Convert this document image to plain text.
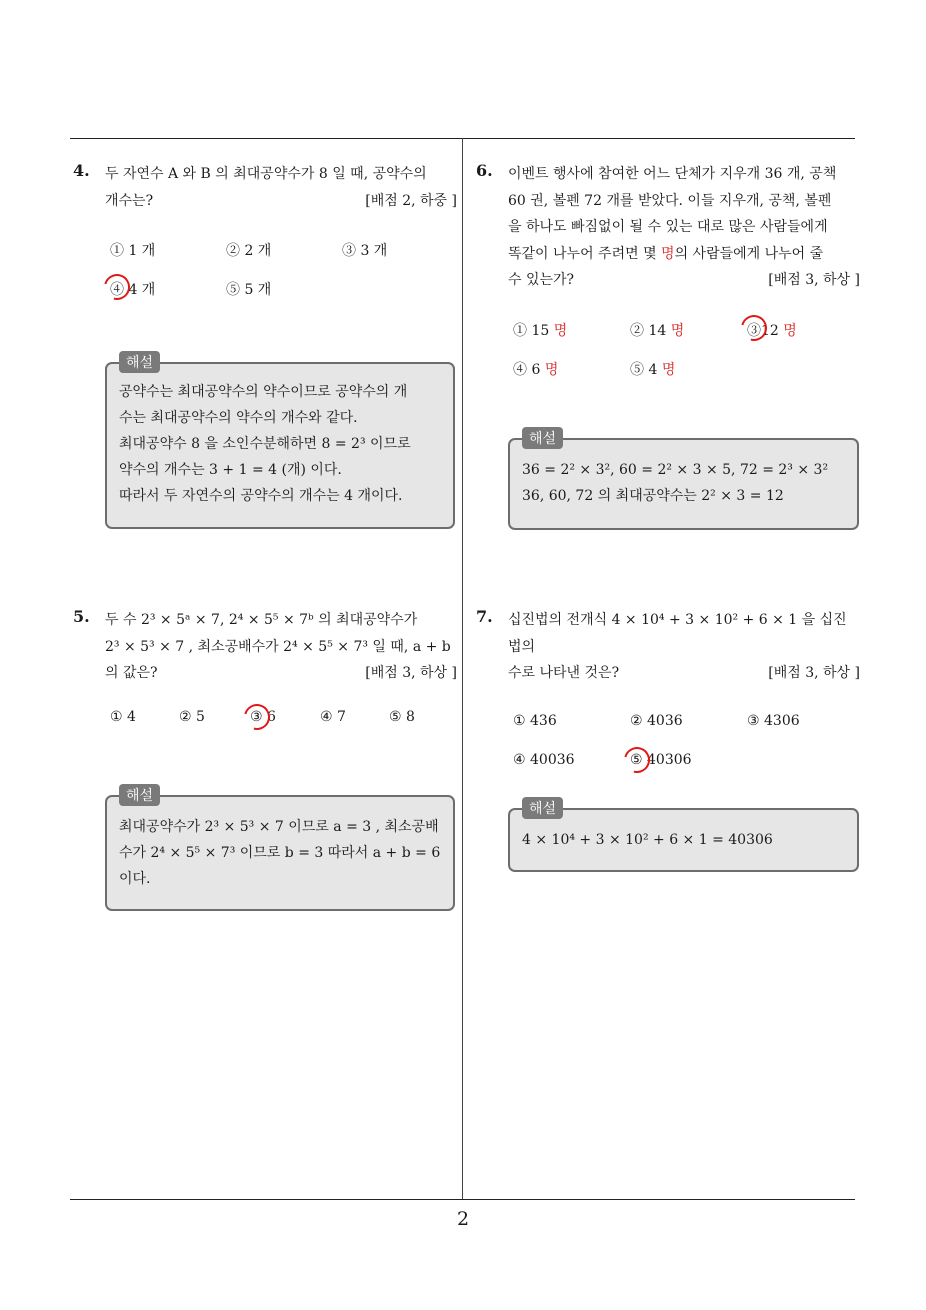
4. 두 자연수 A 와 B 의 최대공약수가 8 일 때, 공약수의
개수는?	[배점 2, 하중 ]
① 1 개	② 2 개	③ 3 개
④ 4 개	⑤ 5 개
해설
공약수는 최대공약수의 약수이므로 공약수의 개
수는 최대공약수의 약수의 개수와 같다.
최대공약수 8 을 소인수분해하면 8 = 2³ 이므로
약수의 개수는 3 + 1 = 4 (개) 이다.
따라서 두 자연수의 공약수의 개수는 4 개이다.
5. 두 수 2³ × 5ᵃ × 7, 2⁴ × 5⁵ × 7ᵇ 의 최대공약수가
2³ × 5³ × 7 , 최소공배수가 2⁴ × 5⁵ × 7³ 일 때, a + b
의 값은?	[배점 3, 하상 ]
① 4	② 5	③ 6	④ 7	⑤ 8
해설
최대공약수가 2³ × 5³ × 7 이므로 a = 3 , 최소공배
수가 2⁴ × 5⁵ × 7³ 이므로 b = 3 따라서 a + b = 6
이다.
6. 이벤트 행사에 참여한 어느 단체가 지우개 36 개, 공책
60 권, 볼펜 72 개를 받았다. 이들 지우개, 공책, 볼펜
을 하나도 빠짐없이 될 수 있는 대로 많은 사람들에게
똑같이 나누어 주려면 몇 명의 사람들에게 나누어 줄
수 있는가?	[배점 3, 하상 ]
① 15 명	② 14 명	③12 명
④ 6 명	⑤ 4 명
해설
36 = 2² × 3², 60 = 2² × 3 × 5, 72 = 2³ × 3²
36, 60, 72 의 최대공약수는 2² × 3 = 12
7. 십진법의 전개식 4 × 10⁴ + 3 × 10² + 6 × 1 을 십진법의
수로 나타낸 것은?	[배점 3, 하상 ]
① 436	② 4036	③ 4306
④ 40036	⑤ 40306
해설
4 × 10⁴ + 3 × 10² + 6 × 1 = 40306
2
